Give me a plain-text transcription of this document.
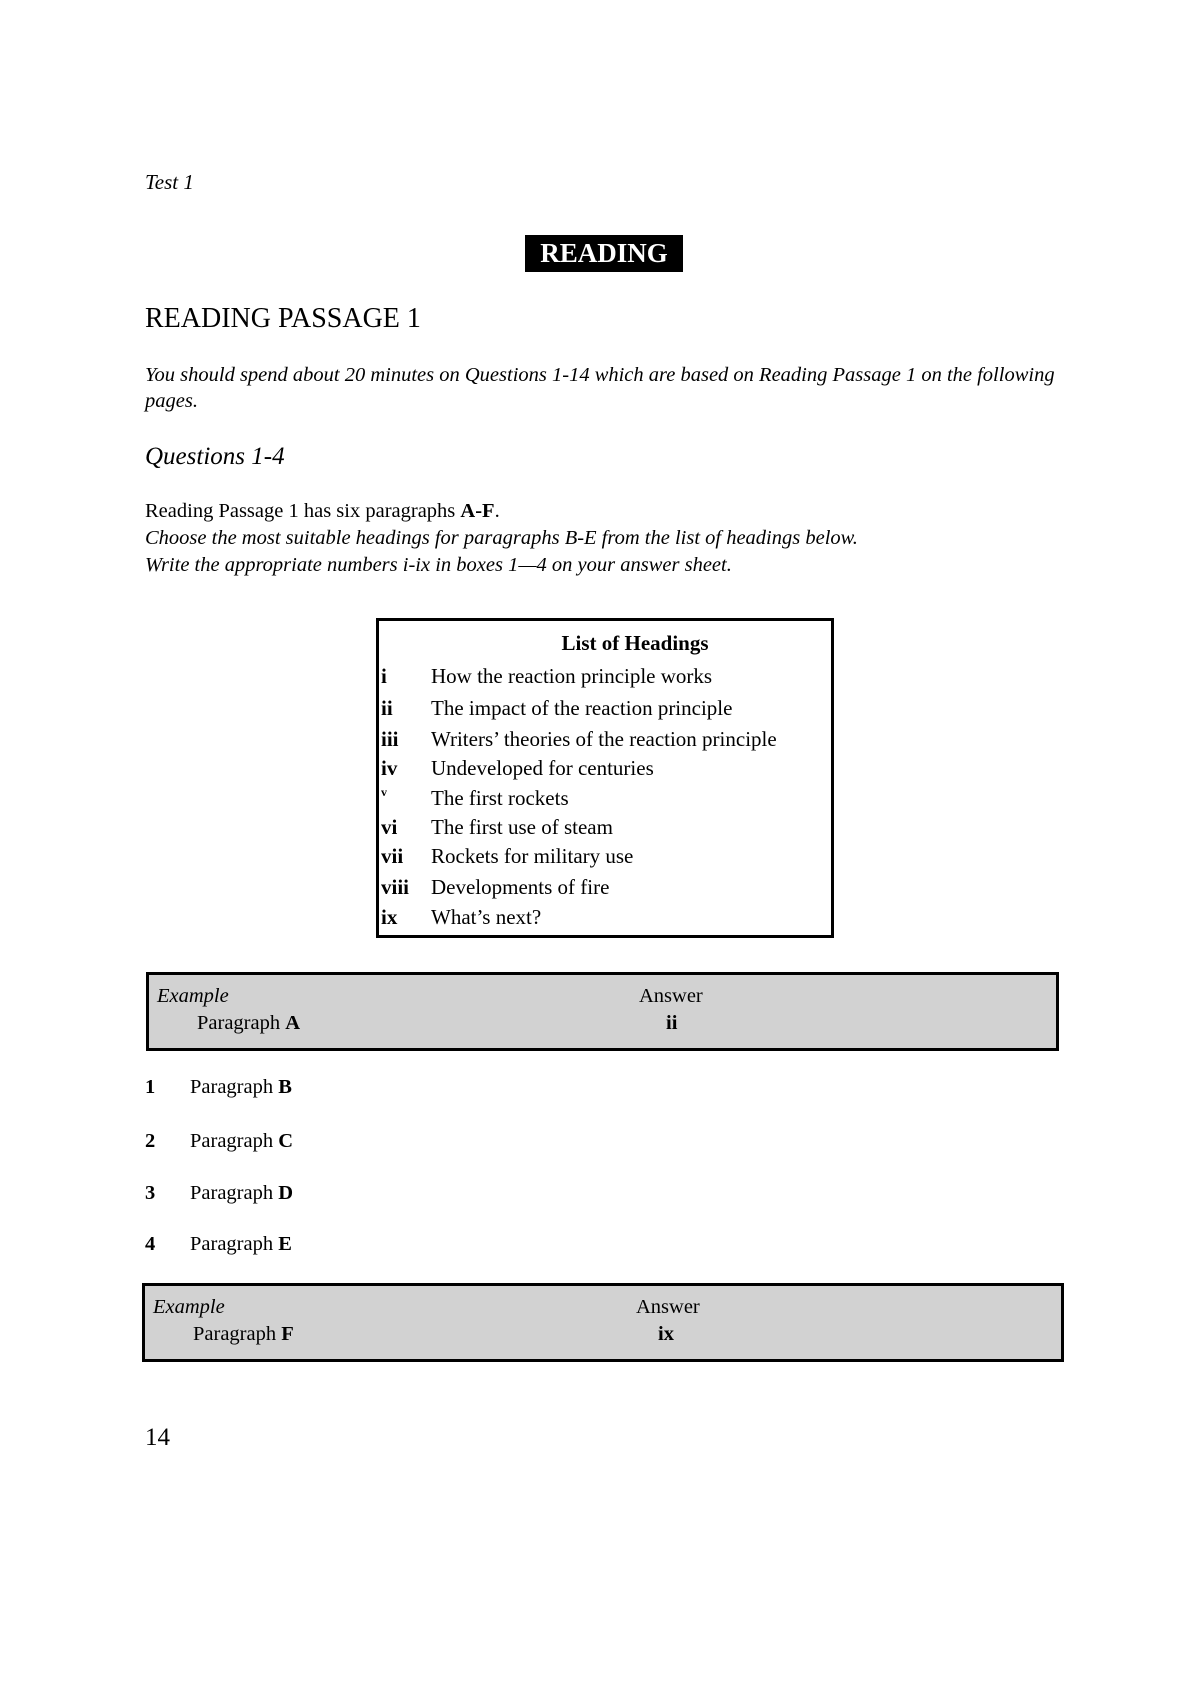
Test 1
READING
READING PASSAGE 1
You should spend about 20 minutes on Questions 1-14 which are based on Reading Passage 1 on the following pages.
Questions 1-4
Reading Passage 1 has six paragraphs A-F.
Choose the most suitable headings for paragraphs B-E from the list of headings below.
Write the appropriate numbers i-ix in boxes 1—4 on your answer sheet.
List of Headings
i How the reaction principle works
ii The impact of the reaction principle
iii Writers’ theories of the reaction principle
iv Undeveloped for centuries
v The first rockets
vi The first use of steam
vii Rockets for military use
viii Developments of fire
ix What’s next?
Example	Answer
Paragraph A	ii
1 Paragraph B
2 Paragraph C
3 Paragraph D
4 Paragraph E
Example	Answer
Paragraph F	ix
14
